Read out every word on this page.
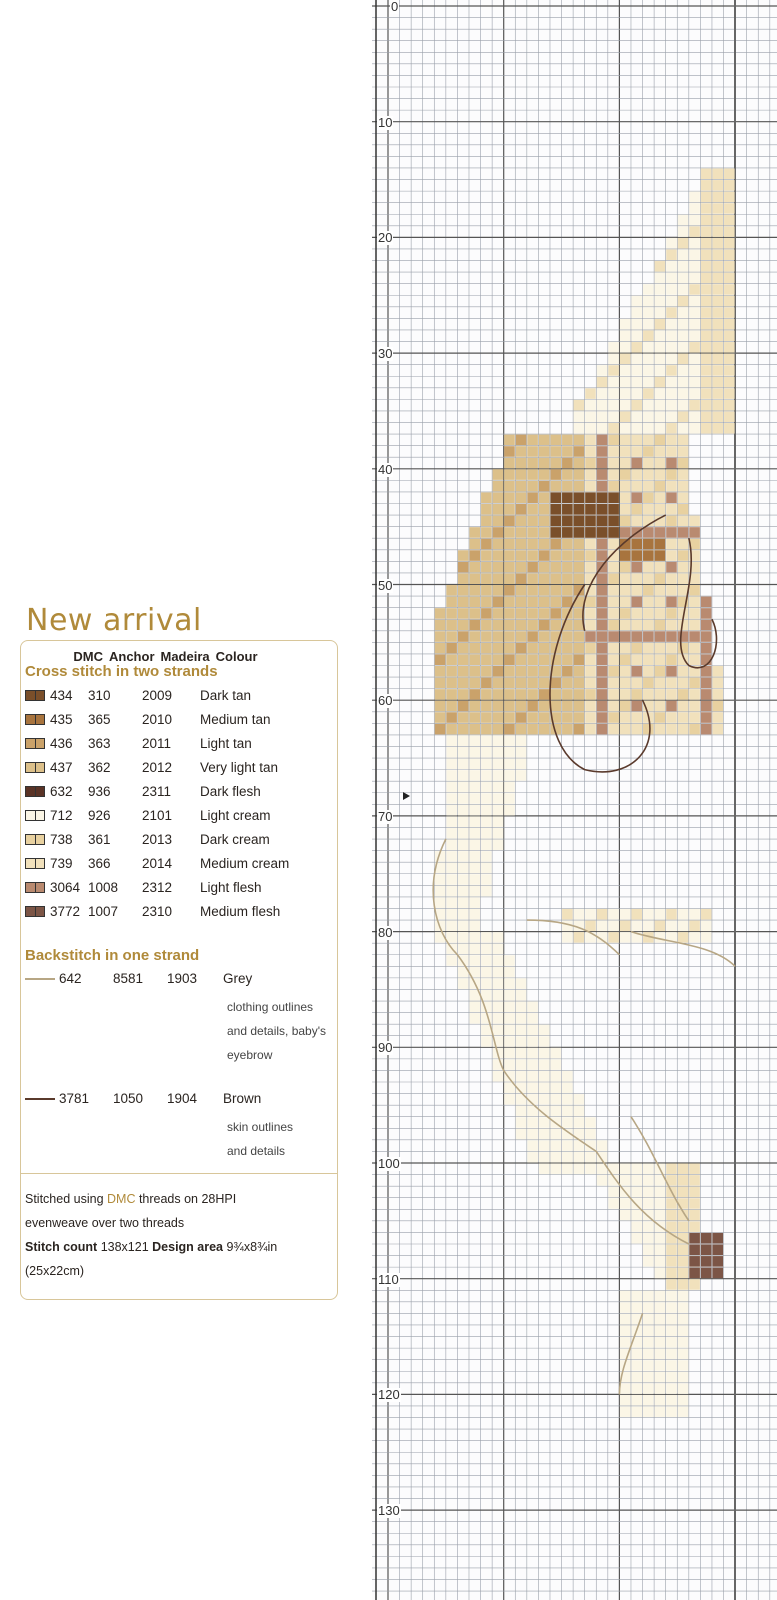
0
10
20
30
40
50
60
70
80
90
100
110
120
130
New arrival
DMC Anchor Madeira Colour
Cross stitch in two strands
434	310	2009	Dark tan
435	365	2010	Medium tan
436	363	2011	Light tan
437	362	2012	Very light tan
632	936	2311	Dark flesh
712	926	2101	Light cream
738	361	2013	Dark cream
739	366	2014	Medium cream
3064 1008	2312	Light flesh
3772 1007	2310	Medium flesh
Backstitch in one strand
642 8581 1903 Grey
clothing outlines
and details, baby's
eyebrow
3781 1050 1904 Brown
skin outlines
and details
Stitched using DMC threads on 28HPI
evenweave over two threads
Stitch count 138x121 Design area 9¾x8¾in
(25x22cm)
